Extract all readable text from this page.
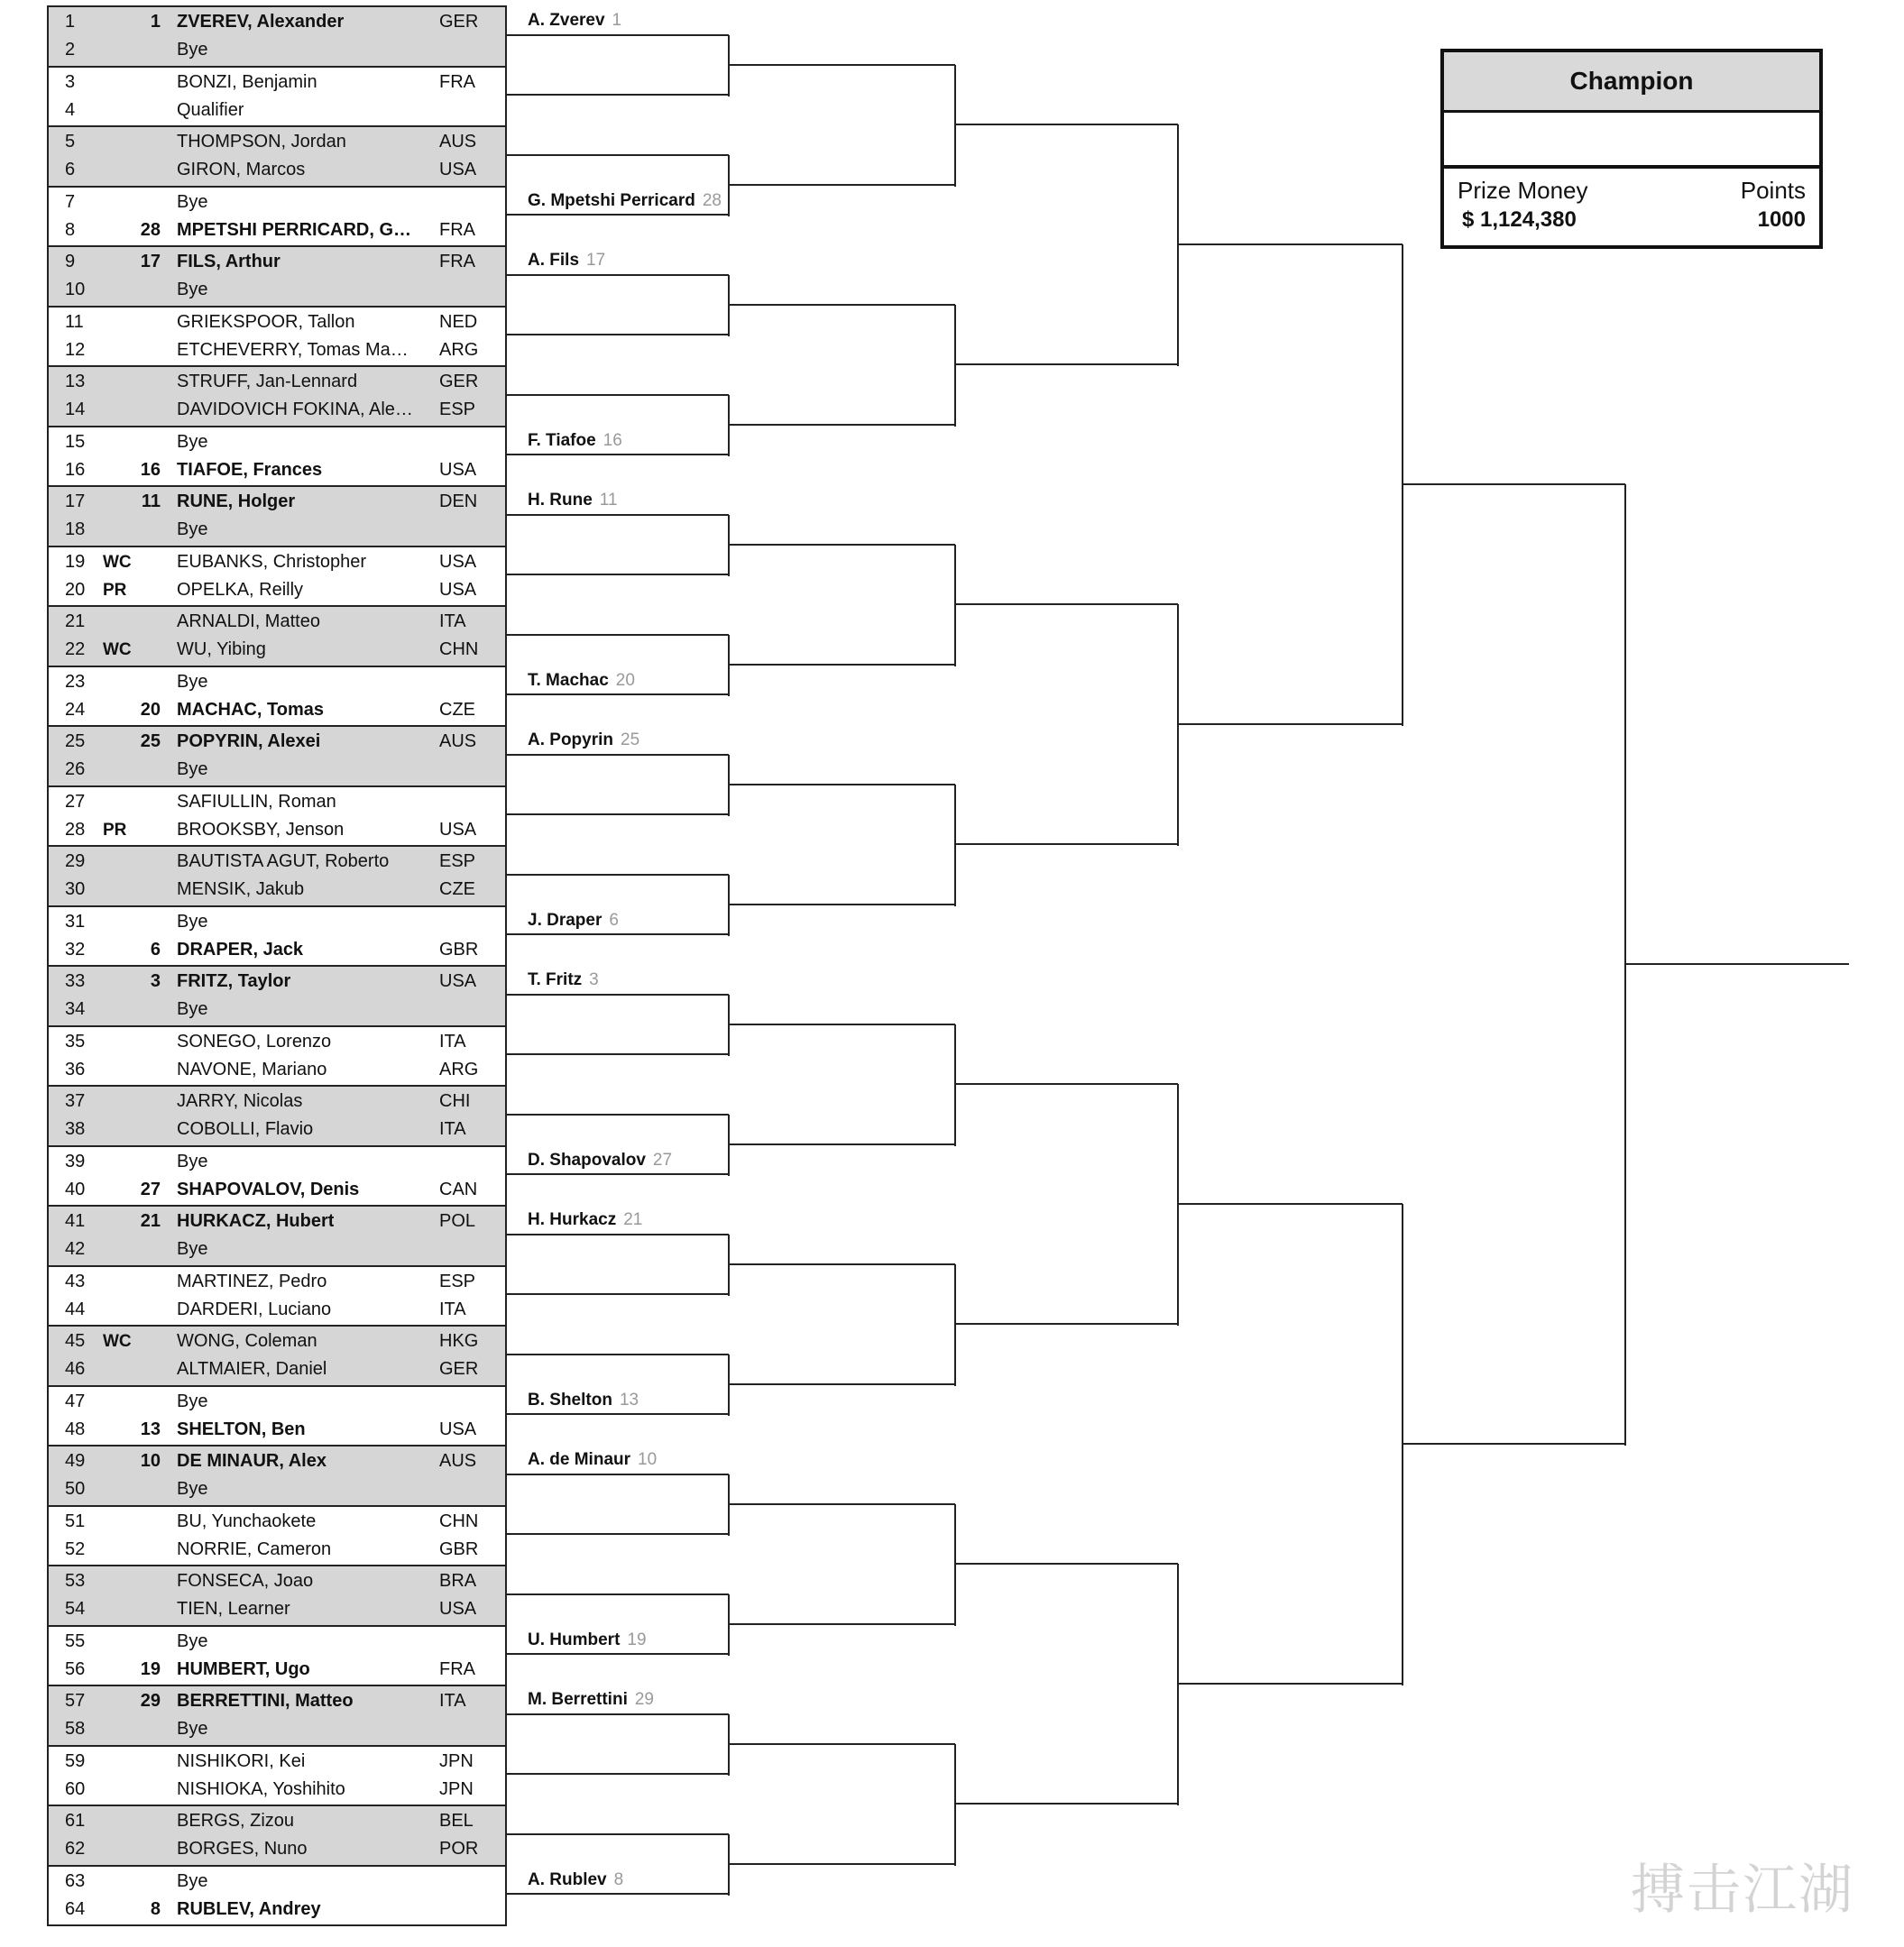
1	1 ZVEREV, Alexander	GER
2	Bye
3	BONZI, Benjamin	FRA
4	Qualifier
5	THOMPSON, Jordan	AUS
6	GIRON, Marcos	USA
7	Bye
8	28 MPETSHI PERRICARD, G… FRA
9	17 FILS, Arthur	FRA
10	Bye
11	GRIEKSPOOR, Tallon	NED
12	ETCHEVERRY, Tomas Ma… ARG
13	STRUFF, Jan-Lennard	GER
14	DAVIDOVICH FOKINA, Ale… ESP
15	Bye
16	16 TIAFOE, Frances	USA
17	11 RUNE, Holger	DEN
18	Bye
19	WC	EUBANKS, Christopher	USA
20	PR	OPELKA, Reilly	USA
21	ARNALDI, Matteo	ITA
22	WC	WU, Yibing	CHN
23	Bye
24	20 MACHAC, Tomas	CZE
25	25 POPYRIN, Alexei	AUS
26	Bye
27	SAFIULLIN, Roman
28	PR	BROOKSBY, Jenson	USA
29	BAUTISTA AGUT, Roberto	ESP
30	MENSIK, Jakub	CZE
31	Bye
32	6 DRAPER, Jack	GBR
33	3 FRITZ, Taylor	USA
34	Bye
35	SONEGO, Lorenzo	ITA
36	NAVONE, Mariano	ARG
37	JARRY, Nicolas	CHI
38	COBOLLI, Flavio	ITA
39	Bye
40	27 SHAPOVALOV, Denis	CAN
41	21 HURKACZ, Hubert	POL
42	Bye
43	MARTINEZ, Pedro	ESP
44	DARDERI, Luciano	ITA
45	WC	WONG, Coleman	HKG
46	ALTMAIER, Daniel	GER
47	Bye
48	13 SHELTON, Ben	USA
49	10 DE MINAUR, Alex	AUS
50	Bye
51	BU, Yunchaokete	CHN
52	NORRIE, Cameron	GBR
53	FONSECA, Joao	BRA
54	TIEN, Learner	USA
55	Bye
56	19 HUMBERT, Ugo	FRA
57	29 BERRETTINI, Matteo	ITA
58	Bye
59	NISHIKORI, Kei	JPN
60	NISHIOKA, Yoshihito	JPN
61	BERGS, Zizou	BEL
62	BORGES, Nuno	POR
63	Bye
64	8 RUBLEV, Andrey
A. Zverev 1
G. Mpetshi Perricard 28
A. Fils 17
F. Tiafoe 16
H. Rune 11
T. Machac 20
A. Popyrin 25
J. Draper 6
T. Fritz 3
D. Shapovalov 27
H. Hurkacz 21
B. Shelton 13
A. de Minaur 10
U. Humbert 19
M. Berrettini 29
A. Rublev 8
Champion
Prize Money
$ 1,124,380
Points
1000
搏击江湖
